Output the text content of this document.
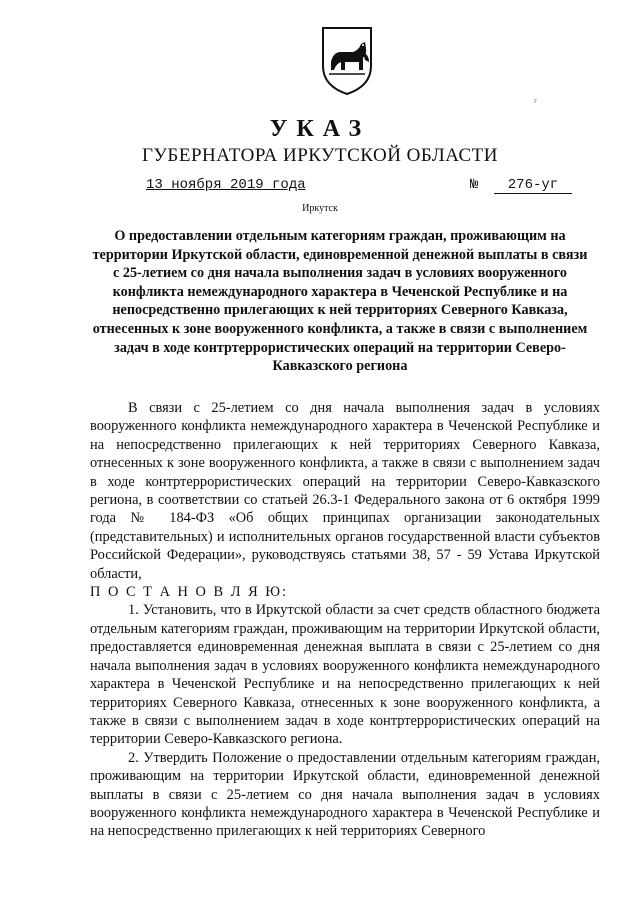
г
УКАЗ
ГУБЕРНАТОРА ИРКУТСКОЙ ОБЛАСТИ
13 ноября 2019 года	№	276-уг
Иркутск
О предоставлении отдельным категориям граждан, проживающим на территории Иркутской области, единовременной денежной выплаты в связи с 25-летием со дня начала выполнения задач в условиях вооруженного конфликта немеждународного характера в Чеченской Республике и на непосредственно прилегающих к ней территориях Северного Кавказа, отнесенных к зоне вооруженного конфликта, а также в связи с выполнением задач в ходе контртеррористических операций на территории Северо-Кавказского региона

В связи с 25-летием со дня начала выполнения задач в условиях вооруженного конфликта немеждународного характера в Чеченской Республике и на непосредственно прилегающих к ней территориях Северного Кавказа, отнесенных к зоне вооруженного конфликта, а также в связи с выполнением задач в ходе контртеррористических операций на территории Северо-Кавказского региона, в соответствии со статьей 26.3-1 Федерального закона от 6 октября 1999 года № 184-ФЗ «Об общих принципах организации законодательных (представительных) и исполнительных органов государственной власти субъектов Российской Федерации», руководствуясь статьями 38, 57 - 59 Устава Иркутской области,

П О С Т А Н О В Л Я Ю:

1. Установить, что в Иркутской области за счет средств областного бюджета отдельным категориям граждан, проживающим на территории Иркутской области, предоставляется единовременная денежная выплата в связи с 25-летием со дня начала выполнения задач в условиях вооруженного конфликта немеждународного характера в Чеченской Республике и на непосредственно прилегающих к ней территориях Северного Кавказа, отнесенных к зоне вооруженного конфликта, а также в связи с выполнением задач в ходе контртеррористических операций на территории Северо-Кавказского региона.

2. Утвердить Положение о предоставлении отдельным категориям граждан, проживающим на территории Иркутской области, единовременной денежной выплаты в связи с 25-летием со дня начала выполнения задач в условиях вооруженного конфликта немеждународного характера в Чеченской Республике и на непосредственно прилегающих к ней территориях Северного
